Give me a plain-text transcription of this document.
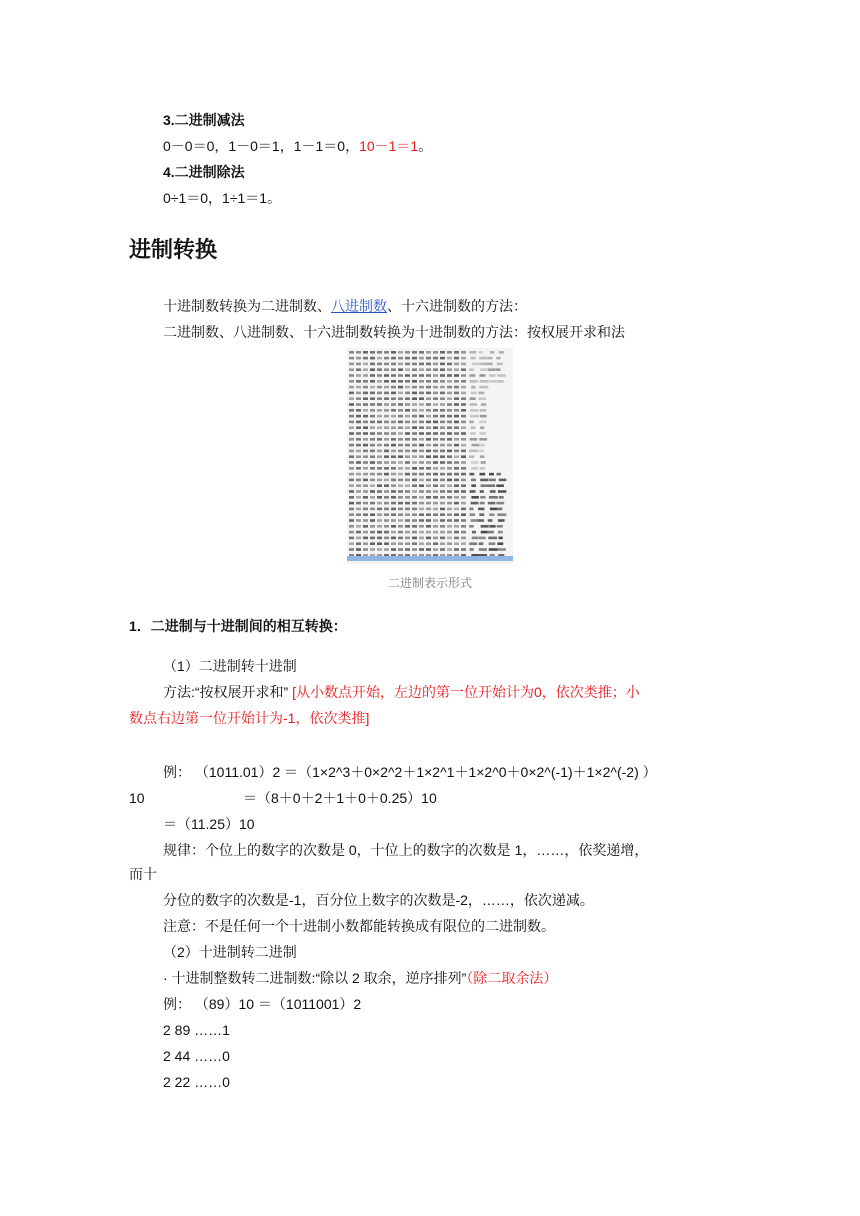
3.二进制减法
0－0＝0，1－0＝1，1－1＝0，10－1＝1。
4.二进制除法
0÷1＝0，1÷1＝1。
进制转换
十进制数转换为二进制数、八进制数、十六进制数的方法：
二进制数、八进制数、十六进制数转换为十进制数的方法：按权展开求和法
二进制表示形式
1．二进制与十进制间的相互转换：
（1）二进制转十进制
方法:“按权展开求和” [从小数点开始，左边的第一位开始计为0，依次类推；小
数点右边第一位开始计为-1，依次类推]
例： （1011.01）2 ＝（1×2^3＋0×2^2＋1×2^1＋1×2^0＋0×2^(-1)＋1×2^(-2) ）
10	＝（8＋0＋2＋1＋0＋0.25）10
＝（11.25）10
规律：个位上的数字的次数是 0，十位上的数字的次数是 1，……，依奖递增，
而十
分位的数字的次数是-1，百分位上数字的次数是-2，……，依次递减。
注意：不是任何一个十进制小数都能转换成有限位的二进制数。
（2）十进制转二进制
· 十进制整数转二进制数:“除以 2 取余，逆序排列”（除二取余法）
例： （89）10 ＝（1011001）2
2 89 ……1
2 44 ……0
2 22 ……0
